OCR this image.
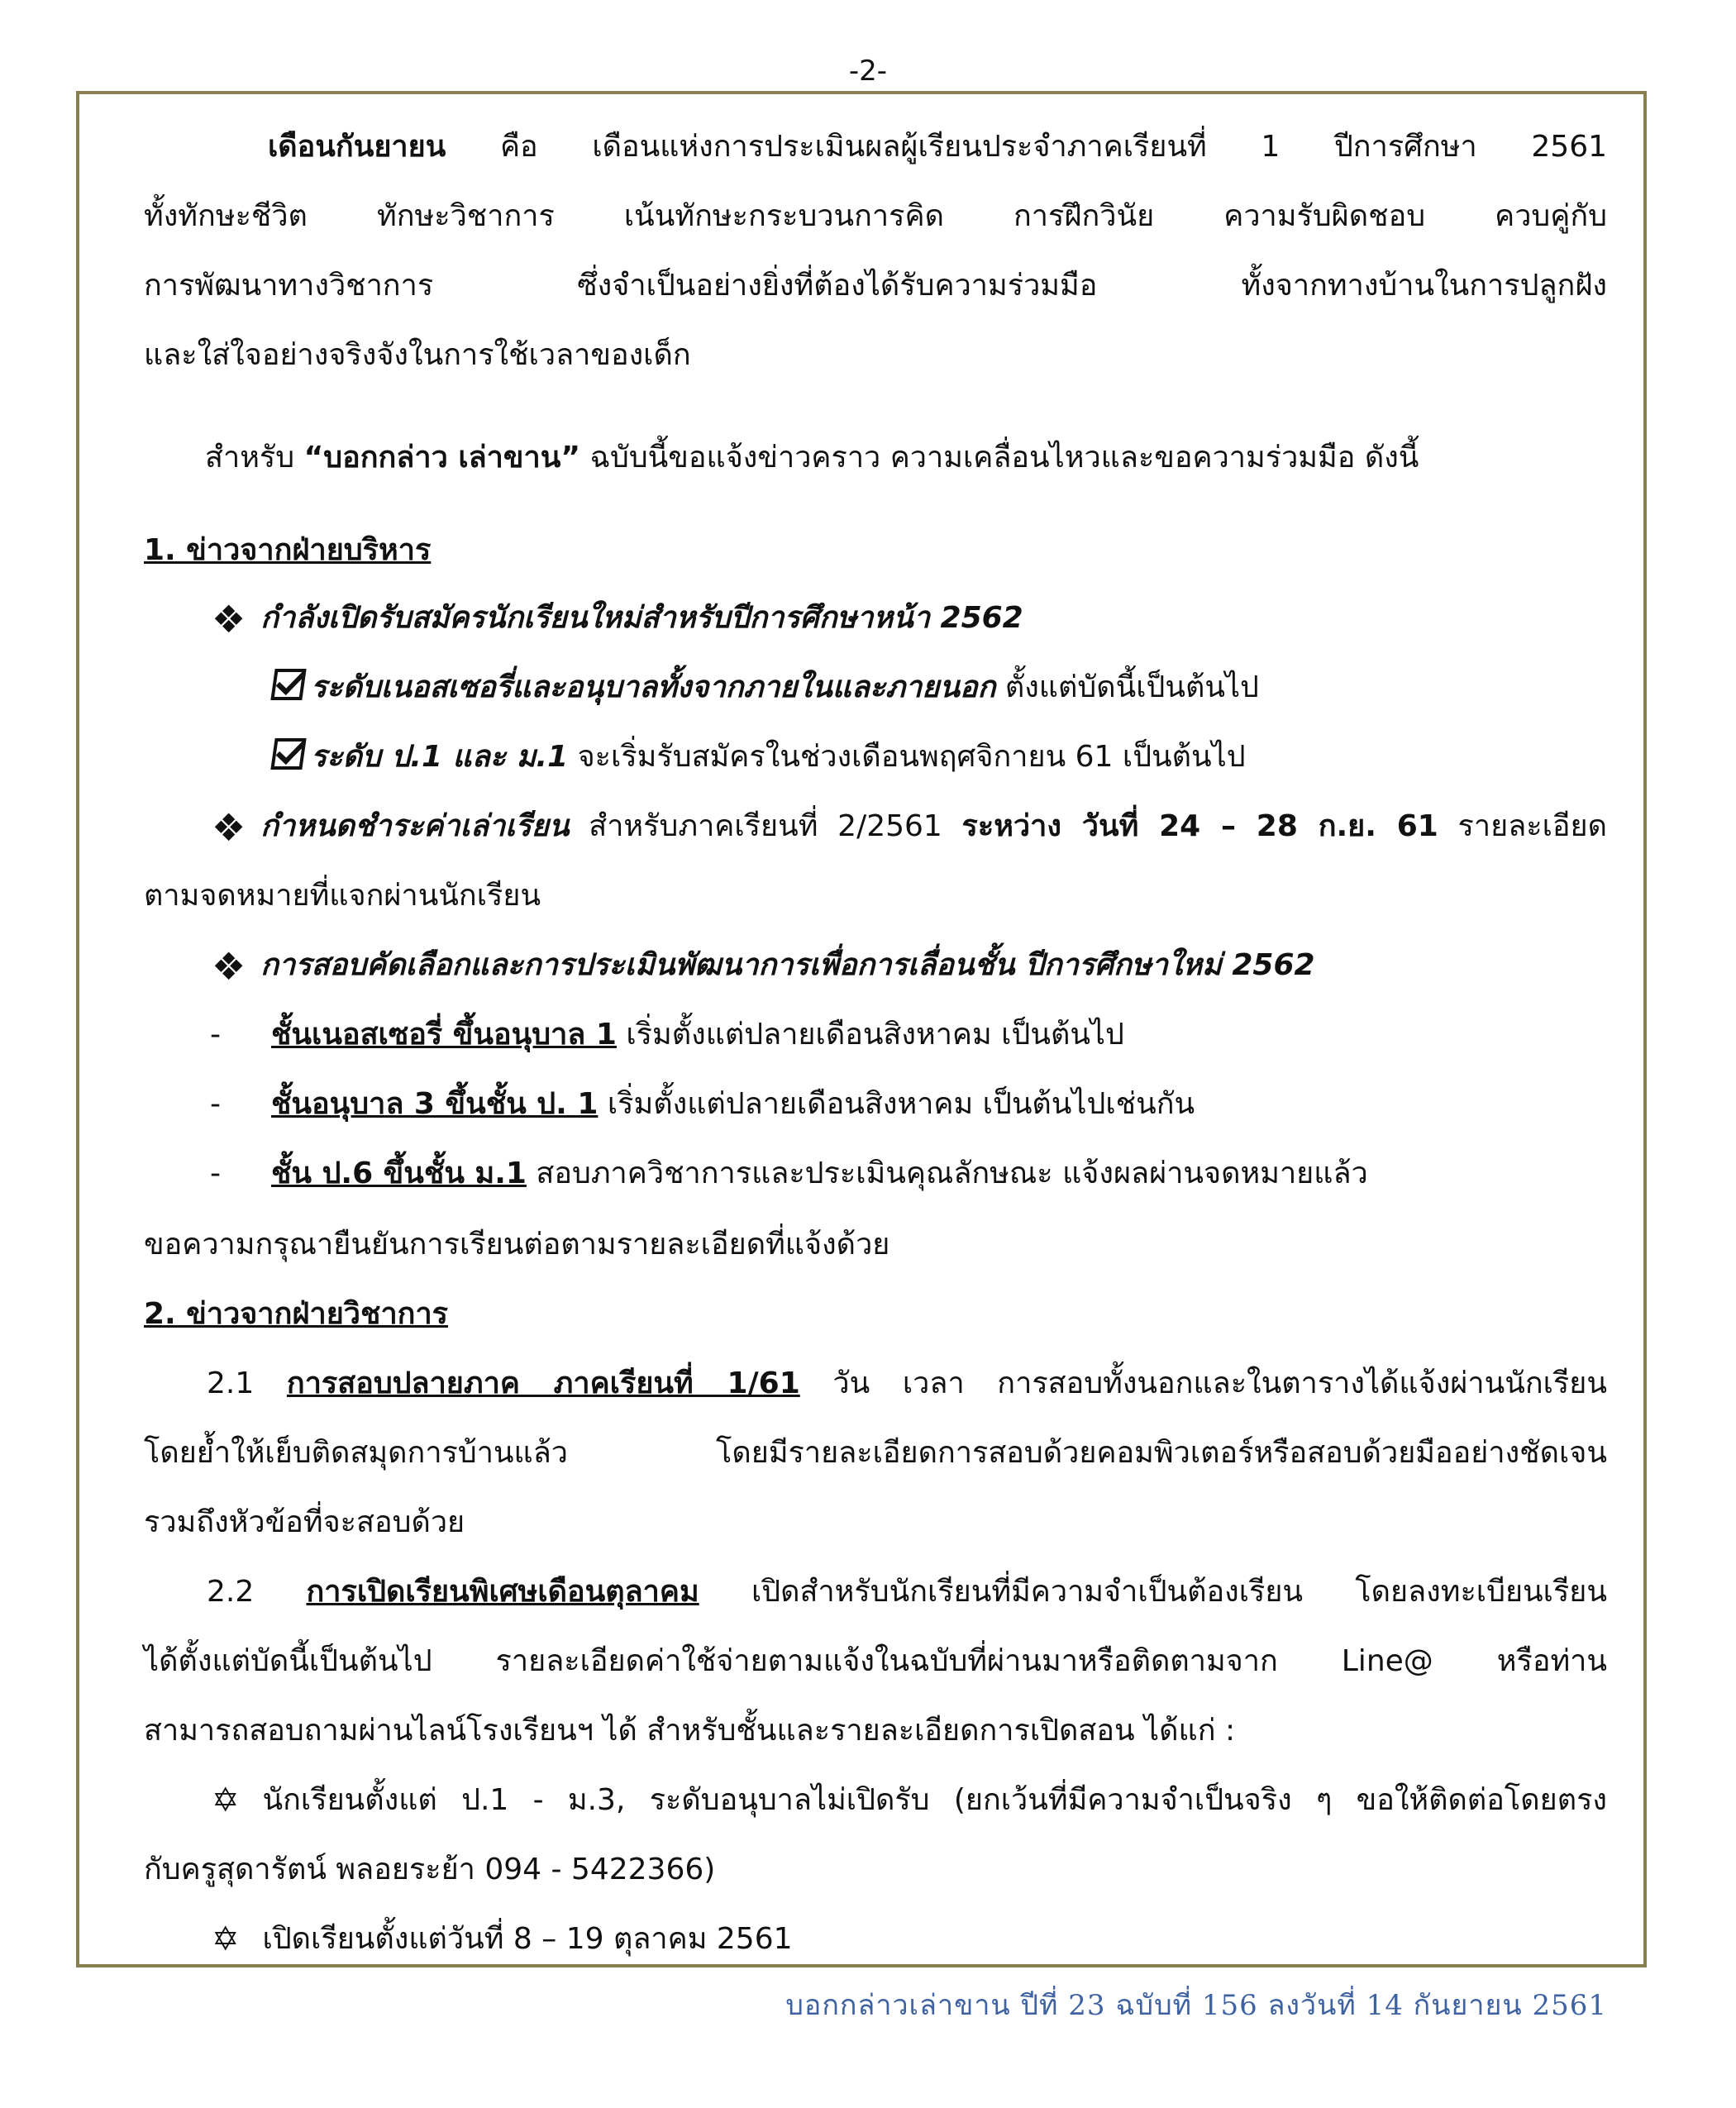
-2-
เดือนกันยายน คือ เดือนแห่งการประเมินผลผู้เรียนประจำภาคเรียนที่ 1 ปีการศึกษา 2561
ทั้งทักษะชีวิต ทักษะวิชาการ เน้นทักษะกระบวนการคิด การฝึกวินัย ความรับผิดชอบ ควบคู่กับ
การพัฒนาทางวิชาการ ซึ่งจำเป็นอย่างยิ่งที่ต้องได้รับความร่วมมือ ทั้งจากทางบ้านในการปลูกฝัง
และใส่ใจอย่างจริงจังในการใช้เวลาของเด็ก
สำหรับ “บอกกล่าว เล่าขาน” ฉบับนี้ขอแจ้งข่าวคราว ความเคลื่อนไหวและขอความร่วมมือ ดังนี้
1. ข่าวจากฝ่ายบริหาร
❖ กำลังเปิดรับสมัครนักเรียนใหม่สำหรับปีการศึกษาหน้า 2562
ระดับเนอสเซอรี่และอนุบาลทั้งจากภายในและภายนอก ตั้งแต่บัดนี้เป็นต้นไป
ระดับ ป.1 และ ม.1 จะเริ่มรับสมัครในช่วงเดือนพฤศจิกายน 61 เป็นต้นไป
❖ กำหนดชำระค่าเล่าเรียน สำหรับภาคเรียนที่ 2/2561 ระหว่าง วันที่ 24 – 28 ก.ย. 61 รายละเอียด
ตามจดหมายที่แจกผ่านนักเรียน
❖ การสอบคัดเลือกและการประเมินพัฒนาการเพื่อการเลื่อนชั้น ปีการศึกษาใหม่ 2562
- ชั้นเนอสเซอรี่ ขึ้นอนุบาล 1 เริ่มตั้งแต่ปลายเดือนสิงหาคม เป็นต้นไป
- ชั้นอนุบาล 3 ขึ้นชั้น ป. 1 เริ่มตั้งแต่ปลายเดือนสิงหาคม เป็นต้นไปเช่นกัน
- ชั้น ป.6 ขึ้นชั้น ม.1 สอบภาควิชาการและประเมินคุณลักษณะ แจ้งผลผ่านจดหมายแล้ว
ขอความกรุณายืนยันการเรียนต่อตามรายละเอียดที่แจ้งด้วย
2. ข่าวจากฝ่ายวิชาการ
2.1 การสอบปลายภาค ภาคเรียนที่ 1/61 วัน เวลา การสอบทั้งนอกและในตารางได้แจ้งผ่านนักเรียน
โดยย้ำให้เย็บติดสมุดการบ้านแล้ว โดยมีรายละเอียดการสอบด้วยคอมพิวเตอร์หรือสอบด้วยมืออย่างชัดเจน
รวมถึงหัวข้อที่จะสอบด้วย
2.2 การเปิดเรียนพิเศษเดือนตุลาคม เปิดสำหรับนักเรียนที่มีความจำเป็นต้องเรียน โดยลงทะเบียนเรียน
ได้ตั้งแต่บัดนี้เป็นต้นไป รายละเอียดค่าใช้จ่ายตามแจ้งในฉบับที่ผ่านมาหรือติดตามจาก Line@ หรือท่าน
สามารถสอบถามผ่านไลน์โรงเรียนฯ ได้ สำหรับชั้นและรายละเอียดการเปิดสอน ได้แก่ :
✡ นักเรียนตั้งแต่ ป.1 - ม.3, ระดับอนุบาลไม่เปิดรับ (ยกเว้นที่มีความจำเป็นจริง ๆ ขอให้ติดต่อโดยตรง
กับครูสุดารัตน์ พลอยระย้า 094 - 5422366)
✡ เปิดเรียนตั้งแต่วันที่ 8 – 19 ตุลาคม 2561
บอกกล่าวเล่าขาน ปีที่ 23 ฉบับที่ 156 ลงวันที่ 14 กันยายน 2561
